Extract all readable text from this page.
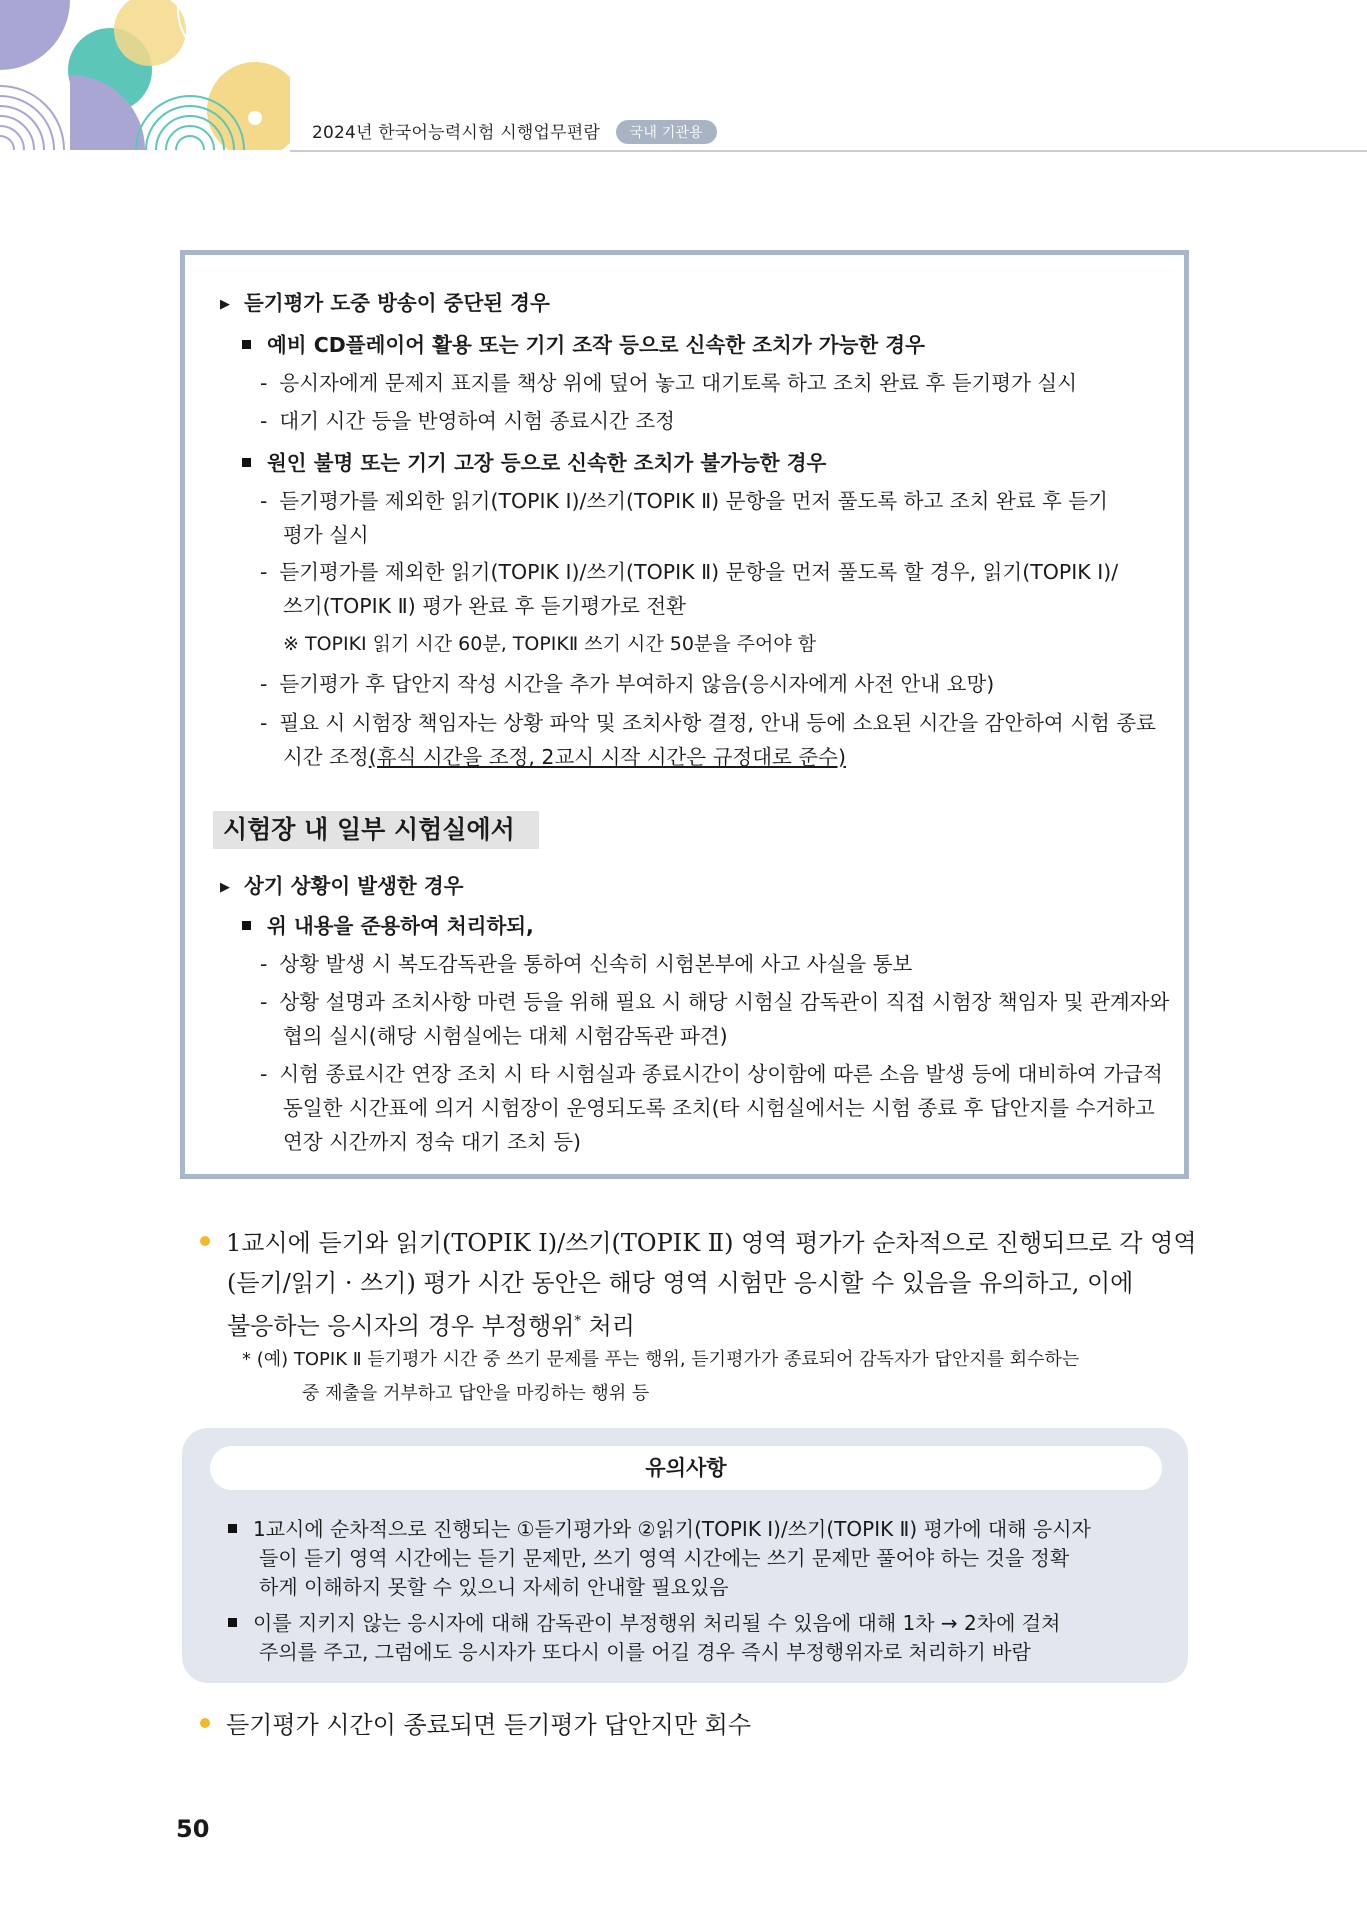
2024년 한국어능력시험 시행업무편람 국내 기관용
▶ 듣기평가 도중 방송이 중단된 경우
예비 CD플레이어 활용 또는 기기 조작 등으로 신속한 조치가 가능한 경우
- 응시자에게 문제지 표지를 책상 위에 덮어 놓고 대기토록 하고 조치 완료 후 듣기평가 실시
- 대기 시간 등을 반영하여 시험 종료시간 조정
원인 불명 또는 기기 고장 등으로 신속한 조치가 불가능한 경우
- 듣기평가를 제외한 읽기(TOPIK Ⅰ)/쓰기(TOPIK Ⅱ) 문항을 먼저 풀도록 하고 조치 완료 후 듣기
평가 실시
- 듣기평가를 제외한 읽기(TOPIK Ⅰ)/쓰기(TOPIK Ⅱ) 문항을 먼저 풀도록 할 경우, 읽기(TOPIK Ⅰ)/
쓰기(TOPIK Ⅱ) 평가 완료 후 듣기평가로 전환
※ TOPIKⅠ 읽기 시간 60분, TOPIKⅡ 쓰기 시간 50분을 주어야 함
- 듣기평가 후 답안지 작성 시간을 추가 부여하지 않음(응시자에게 사전 안내 요망)
- 필요 시 시험장 책임자는 상황 파악 및 조치사항 결정, 안내 등에 소요된 시간을 감안하여 시험 종료
시간 조정(휴식 시간을 조정, 2교시 시작 시간은 규정대로 준수)
시험장 내 일부 시험실에서
▶ 상기 상황이 발생한 경우
위 내용을 준용하여 처리하되,
- 상황 발생 시 복도감독관을 통하여 신속히 시험본부에 사고 사실을 통보
- 상황 설명과 조치사항 마련 등을 위해 필요 시 해당 시험실 감독관이 직접 시험장 책임자 및 관계자와
협의 실시(해당 시험실에는 대체 시험감독관 파견)
- 시험 종료시간 연장 조치 시 타 시험실과 종료시간이 상이함에 따른 소음 발생 등에 대비하여 가급적
동일한 시간표에 의거 시험장이 운영되도록 조치(타 시험실에서는 시험 종료 후 답안지를 수거하고
연장 시간까지 정숙 대기 조치 등)
1교시에 듣기와 읽기(TOPIK Ⅰ)/쓰기(TOPIK Ⅱ) 영역 평가가 순차적으로 진행되므로 각 영역
(듣기/읽기 · 쓰기) 평가 시간 동안은 해당 영역 시험만 응시할 수 있음을 유의하고, 이에
불응하는 응시자의 경우 부정행위* 처리
* (예) TOPIK Ⅱ 듣기평가 시간 중 쓰기 문제를 푸는 행위, 듣기평가가 종료되어 감독자가 답안지를 회수하는
중 제출을 거부하고 답안을 마킹하는 행위 등
유의사항
1교시에 순차적으로 진행되는 ①듣기평가와 ②읽기(TOPIK Ⅰ)/쓰기(TOPIK Ⅱ) 평가에 대해 응시자
들이 듣기 영역 시간에는 듣기 문제만, 쓰기 영역 시간에는 쓰기 문제만 풀어야 하는 것을 정확
하게 이해하지 못할 수 있으니 자세히 안내할 필요있음
이를 지키지 않는 응시자에 대해 감독관이 부정행위 처리될 수 있음에 대해 1차 → 2차에 걸쳐
주의를 주고, 그럼에도 응시자가 또다시 이를 어길 경우 즉시 부정행위자로 처리하기 바람
듣기평가 시간이 종료되면 듣기평가 답안지만 회수
50
